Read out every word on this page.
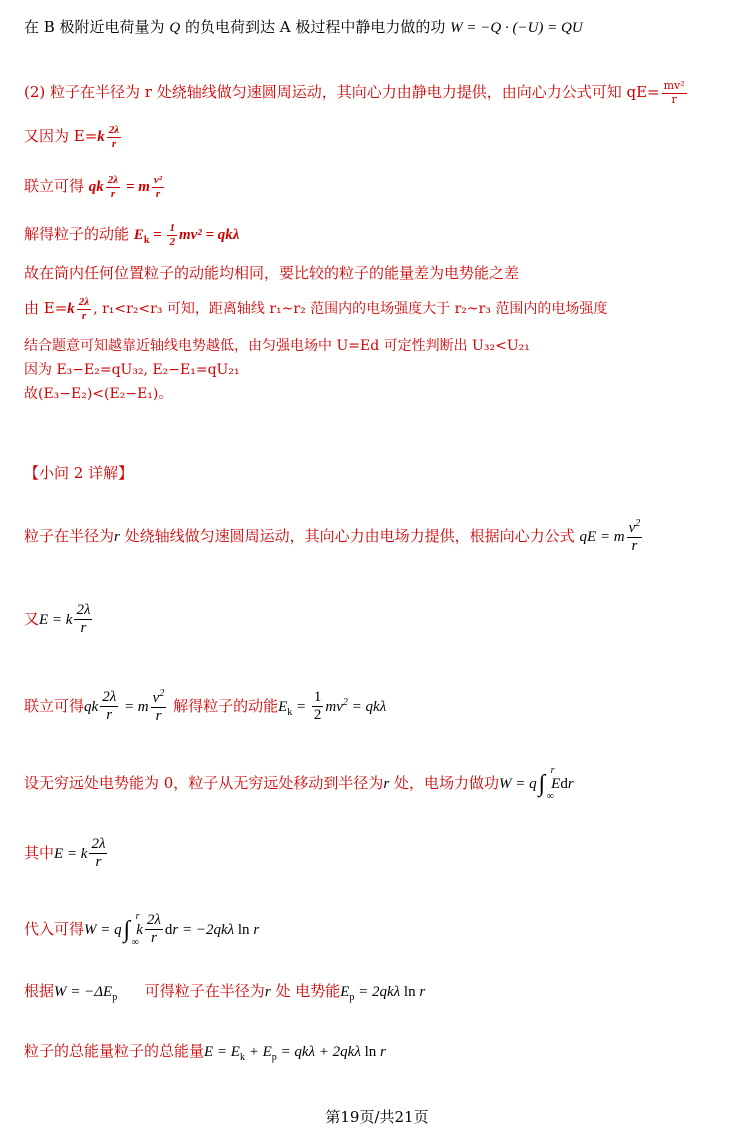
在 B 极附近电荷量为 Q 的负电荷到达 A 极过程中静电力做的功 W = −Q · (−U) = QU
(2) 粒子在半径为 r 处绕轴线做匀速圆周运动，其向心力由静电力提供，由向心力公式可知 $qE= \frac{\text{mv²}}{r}$
又因为 $E=k \frac{2\lambda}{r}$
联立可得 qk $\frac{2\lambda}{r} = m \frac{\text{v²}}{r}$
解得粒子的动能 $E_k = \frac{1}{2} mv^2 = qk\lambda$
故在筒内任何位置粒子的动能均相同，要比较的粒子的能量差为电势能之差
由 $E=k \frac{2\lambda}{r}$ , r₁<r₂<r₃ 可知，距离轴线 r₁~r₂ 范围内的电场强度大于 r₂~r₃ 范围内的电场强度
结合题意可知越靠近轴线电势越低，由匀强电场中 U=Ed 可定性判断出 U₃₂<U₂₁
因为 E₃−E₂=qU₃₂, E₂−E₁=qU₂₁
故(E₃−E₂)<(E₂−E₁)。
【小问 2 详解】
粒子在半径为r 处绕轴线做匀速圆周运动，其向心力由电场力提供，根据向心力公式 qE = m $\frac{v^2}{r}$
又E = k $\frac{2\lambda}{r}$
联立可得qk $\frac{2\lambda}{r} = m \frac{v^2}{r}$ 解得粒子的动能$E_k = \frac{1}{2} mv^2 = qk\lambda$
设无穷远处电势能为 0，粒子从无穷远处移动到半径为r 处，电场力做功W = q∫
r
∞
Edr
其中E = k $\frac{2\lambda}{r}$
代入可得W = q∫
r
∞
k $\frac{2\lambda}{r}$ dr = −2qkλ ln r
根据$W = -\Delta E_p$ 可得粒子在半径为r 处 电势能$E_p = 2qk\lambda$ ln r
粒子的总能量粒子的总能量$E = E_k + E_p = qk\lambda + 2qk\lambda$ ln r
第19页/共21页
